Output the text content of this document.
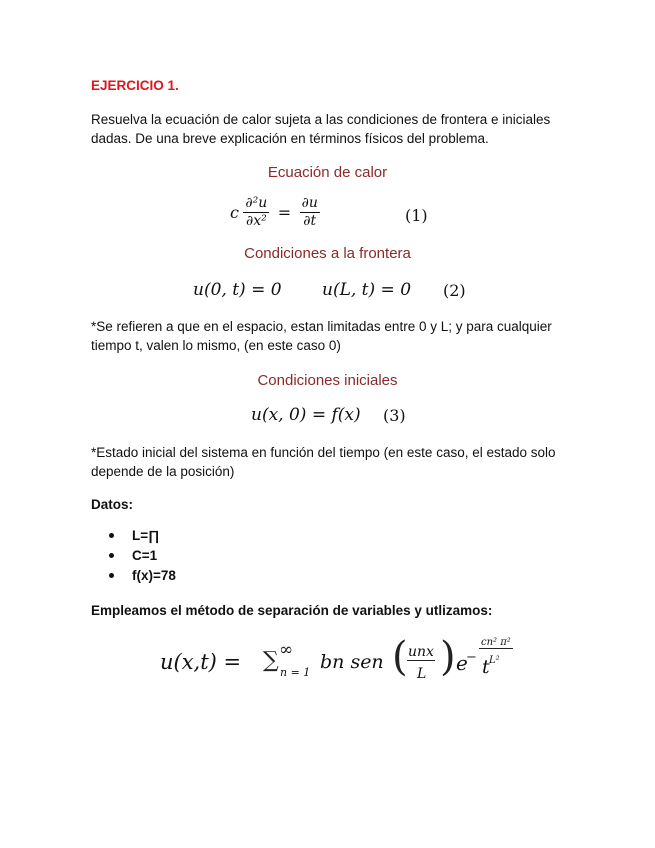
EJERCICIO 1.
Resuelva la ecuación de calor sujeta a las condiciones de frontera e iniciales dadas. De una breve explicación en términos físicos del problema.
Ecuación de calor
c $\frac{\text{∂²u}}{\text{∂x²}} = \frac{\partial u}{\partial t}$	(1)
Condiciones a la frontera
u(0, t) = 0 u(L, t) = 0 (2)
*Se refieren a que en el espacio, estan limitadas entre 0 y L; y para cualquier tiempo t, valen lo mismo, (en este caso 0)
Condiciones iniciales
u(x, 0) = f(x) (3)
*Estado inicial del sistema en función del tiempo (en este caso, el estado solo depende de la posición)
Datos:
L=∏
C=1
f(x)=78
Empleamos el método de separación de variables y utlizamos:
u(x,t) = ∑ ∞
n = 1 bn sen ( unx
L ) e
−
cn² π²
L²
t
